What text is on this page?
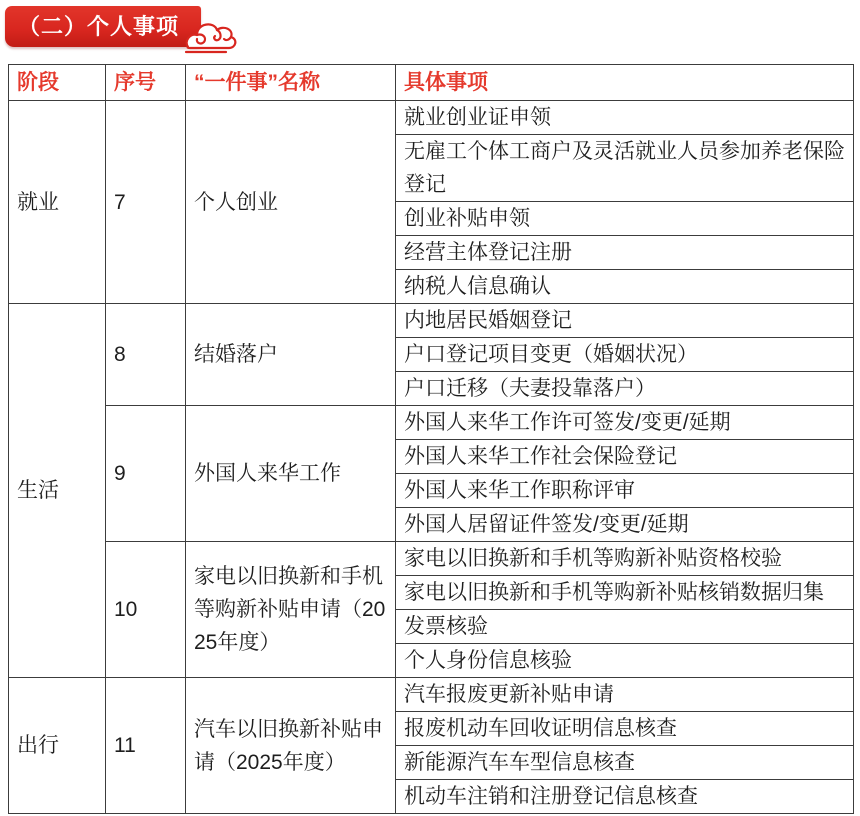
（二）个人事项
阶段	序号	“一件事”名称	具体事项
就业	7	个人创业	就业创业证申领
			无雇工个体工商户及灵活就业人员参加养老保险登记
			创业补贴申领
			经营主体登记注册
			纳税人信息确认
生活	8	结婚落户	内地居民婚姻登记
			户口登记项目变更（婚姻状况）
			户口迁移（夫妻投靠落户）
	9	外国人来华工作	外国人来华工作许可签发/变更/延期
			外国人来华工作社会保险登记
			外国人来华工作职称评审
			外国人居留证件签发/变更/延期
	10	家电以旧换新和手机等购新补贴申请（2025年度）	家电以旧换新和手机等购新补贴资格校验
			家电以旧换新和手机等购新补贴核销数据归集
			发票核验
			个人身份信息核验
出行	11	汽车以旧换新补贴申请（2025年度）	汽车报废更新补贴申请
			报废机动车回收证明信息核查
			新能源汽车车型信息核查
			机动车注销和注册登记信息核查
